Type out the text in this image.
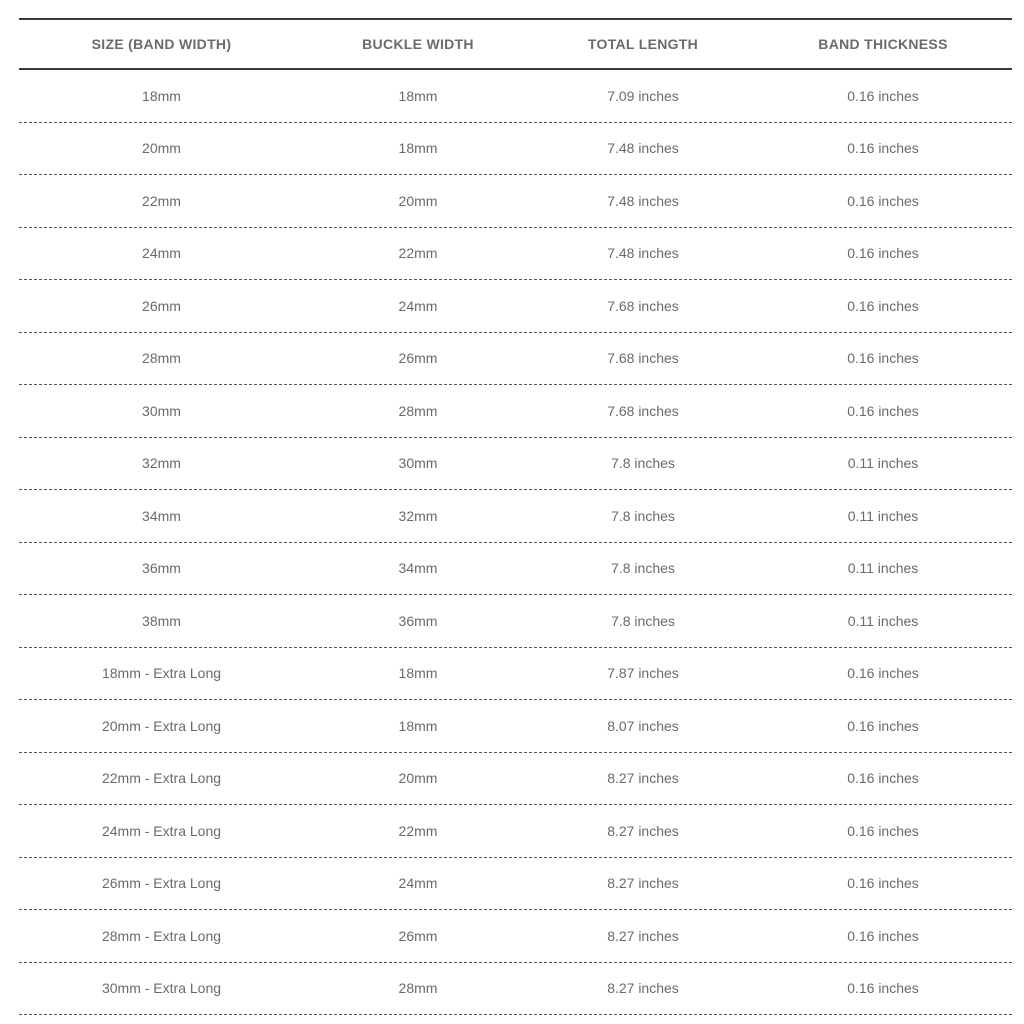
SIZE (BAND WIDTH)	BUCKLE WIDTH	TOTAL LENGTH	BAND THICKNESS
18mm	18mm	7.09 inches	0.16 inches
20mm	18mm	7.48 inches	0.16 inches
22mm	20mm	7.48 inches	0.16 inches
24mm	22mm	7.48 inches	0.16 inches
26mm	24mm	7.68 inches	0.16 inches
28mm	26mm	7.68 inches	0.16 inches
30mm	28mm	7.68 inches	0.16 inches
32mm	30mm	7.8 inches	0.11 inches
34mm	32mm	7.8 inches	0.11 inches
36mm	34mm	7.8 inches	0.11 inches
38mm	36mm	7.8 inches	0.11 inches
18mm - Extra Long	18mm	7.87 inches	0.16 inches
20mm - Extra Long	18mm	8.07 inches	0.16 inches
22mm - Extra Long	20mm	8.27 inches	0.16 inches
24mm - Extra Long	22mm	8.27 inches	0.16 inches
26mm - Extra Long	24mm	8.27 inches	0.16 inches
28mm - Extra Long	26mm	8.27 inches	0.16 inches
30mm - Extra Long	28mm	8.27 inches	0.16 inches
